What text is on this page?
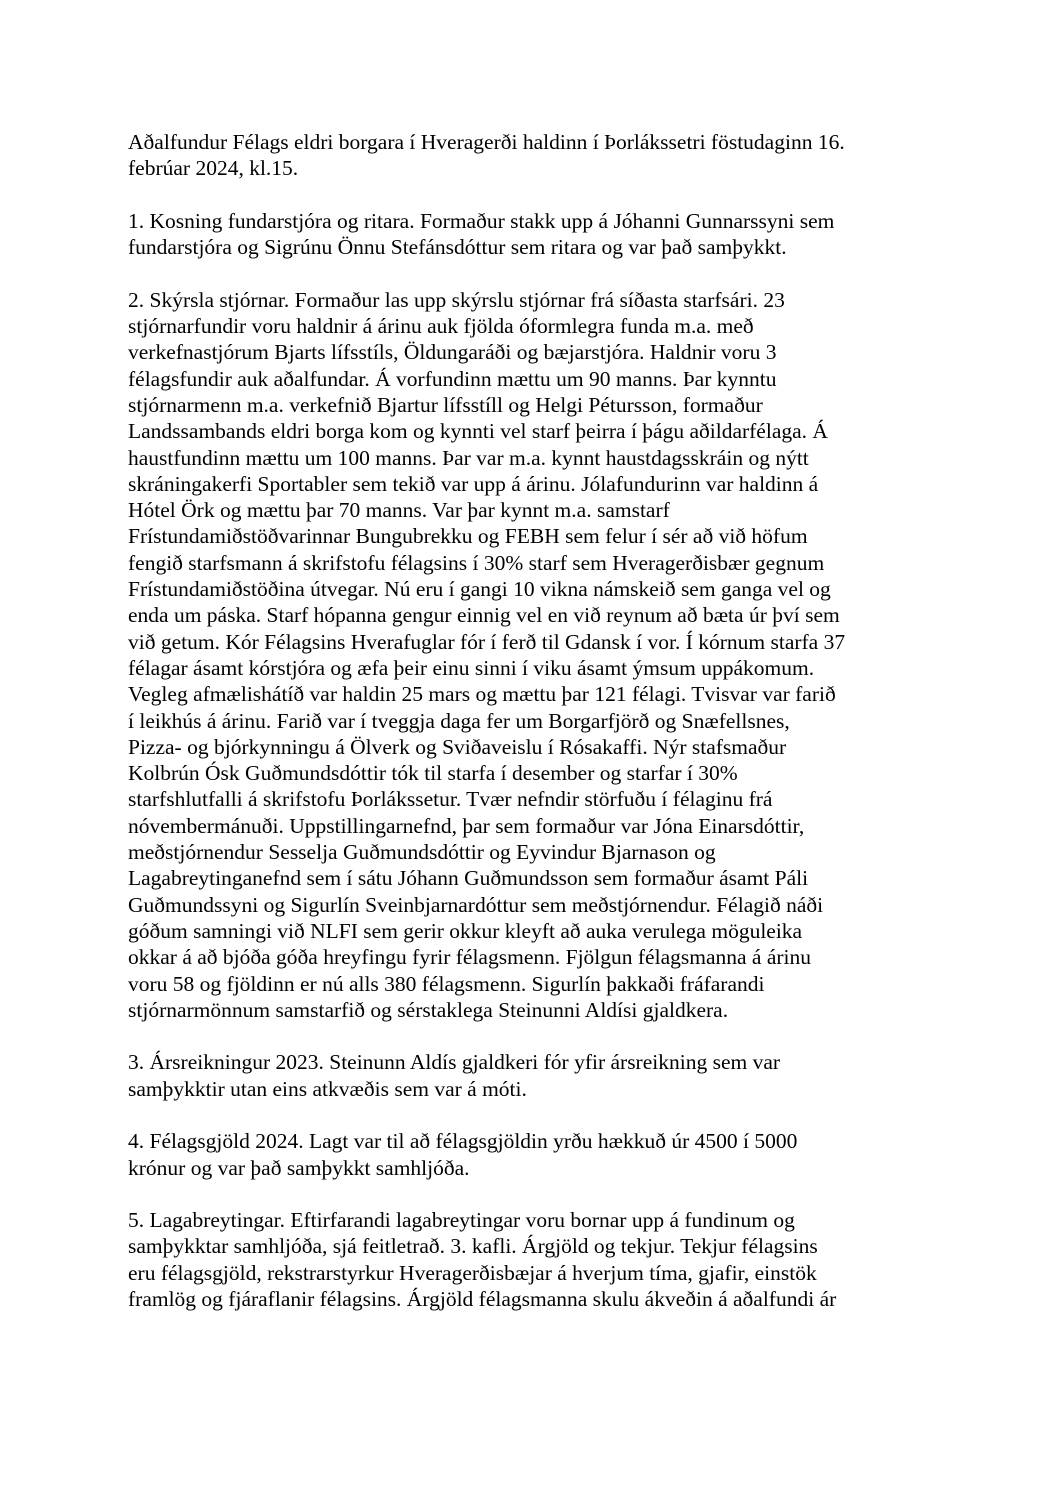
Aðalfundur Félags eldri borgara í Hveragerði haldinn í Þorlákssetri föstudaginn 16.
febrúar 2024, kl.15.

1. Kosning fundarstjóra og ritara. Formaður stakk upp á Jóhanni Gunnarssyni sem
fundarstjóra og Sigrúnu Önnu Stefánsdóttur sem ritara og var það samþykkt.

2. Skýrsla stjórnar. Formaður las upp skýrslu stjórnar frá síðasta starfsári. 23
stjórnarfundir voru haldnir á árinu auk fjölda óformlegra funda m.a. með
verkefnastjórum Bjarts lífsstíls, Öldungaráði og bæjarstjóra. Haldnir voru 3
félagsfundir auk aðalfundar. Á vorfundinn mættu um 90 manns. Þar kynntu
stjórnarmenn m.a. verkefnið Bjartur lífsstíll og Helgi Pétursson, formaður
Landssambands eldri borga kom og kynnti vel starf þeirra í þágu aðildarfélaga. Á
haustfundinn mættu um 100 manns. Þar var m.a. kynnt haustdagsskráin og nýtt
skráningakerfi Sportabler sem tekið var upp á árinu. Jólafundurinn var haldinn á
Hótel Örk og mættu þar 70 manns. Var þar kynnt m.a. samstarf
Frístundamiðstöðvarinnar Bungubrekku og FEBH sem felur í sér að við höfum
fengið starfsmann á skrifstofu félagsins í 30% starf sem Hveragerðisbær gegnum
Frístundamiðstöðina útvegar. Nú eru í gangi 10 vikna námskeið sem ganga vel og
enda um páska. Starf hópanna gengur einnig vel en við reynum að bæta úr því sem
við getum. Kór Félagsins Hverafuglar fór í ferð til Gdansk í vor. Í kórnum starfa 37
félagar ásamt kórstjóra og æfa þeir einu sinni í viku ásamt ýmsum uppákomum.
Vegleg afmælishátíð var haldin 25 mars og mættu þar 121 félagi. Tvisvar var farið
í leikhús á árinu. Farið var í tveggja daga fer um Borgarfjörð og Snæfellsnes,
Pizza- og bjórkynningu á Ölverk og Sviðaveislu í Rósakaffi. Nýr stafsmaður
Kolbrún Ósk Guðmundsdóttir tók til starfa í desember og starfar í 30%
starfshlutfalli á skrifstofu Þorlákssetur. Tvær nefndir störfuðu í félaginu frá
nóvembermánuði. Uppstillingarnefnd, þar sem formaður var Jóna Einarsdóttir,
meðstjórnendur Sesselja Guðmundsdóttir og Eyvindur Bjarnason og
Lagabreytinganefnd sem í sátu Jóhann Guðmundsson sem formaður ásamt Páli
Guðmundssyni og Sigurlín Sveinbjarnardóttur sem meðstjórnendur. Félagið náði
góðum samningi við NLFI sem gerir okkur kleyft að auka verulega möguleika
okkar á að bjóða góða hreyfingu fyrir félagsmenn. Fjölgun félagsmanna á árinu
voru 58 og fjöldinn er nú alls 380 félagsmenn. Sigurlín þakkaði fráfarandi
stjórnarmönnum samstarfið og sérstaklega Steinunni Aldísi gjaldkera.

3. Ársreikningur 2023. Steinunn Aldís gjaldkeri fór yfir ársreikning sem var
samþykktir utan eins atkvæðis sem var á móti.

4. Félagsgjöld 2024. Lagt var til að félagsgjöldin yrðu hækkuð úr 4500 í 5000
krónur og var það samþykkt samhljóða.

5. Lagabreytingar. Eftirfarandi lagabreytingar voru bornar upp á fundinum og
samþykktar samhljóða, sjá feitletrað. 3. kafli. Árgjöld og tekjur. Tekjur félagsins
eru félagsgjöld, rekstrarstyrkur Hveragerðisbæjar á hverjum tíma, gjafir, einstök
framlög og fjáraflanir félagsins. Árgjöld félagsmanna skulu ákveðin á aðalfundi ár
